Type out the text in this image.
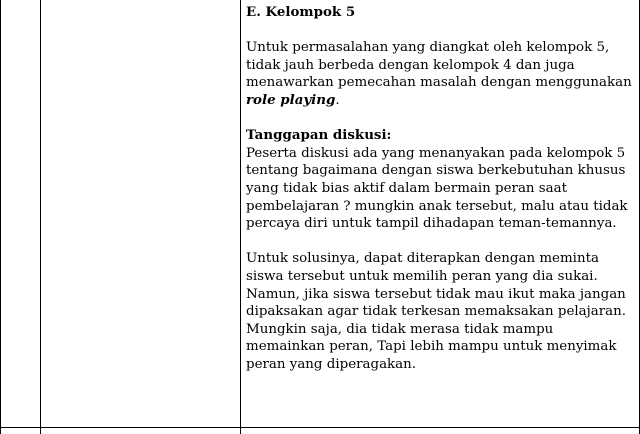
E. Kelompok 5

Untuk permasalahan yang diangkat oleh kelompok 5, tidak jauh berbeda dengan kelompok 4 dan juga menawarkan pemecahan masalah dengan menggunakan role playing.

Tanggapan diskusi:

Peserta diskusi ada yang menanyakan pada kelompok 5 tentang bagaimana dengan siswa berkebutuhan khusus yang tidak bias aktif dalam bermain peran saat pembelajaran ? mungkin anak tersebut, malu atau tidak percaya diri untuk tampil dihadapan teman-temannya.

Untuk solusinya, dapat diterapkan dengan meminta siswa tersebut untuk memilih peran yang dia sukai. Namun, jika siswa tersebut tidak mau ikut maka jangan dipaksakan agar tidak terkesan memaksakan pelajaran. Mungkin saja, dia tidak merasa tidak mampu memainkan peran, Tapi lebih mampu untuk menyimak peran yang diperagakan.
